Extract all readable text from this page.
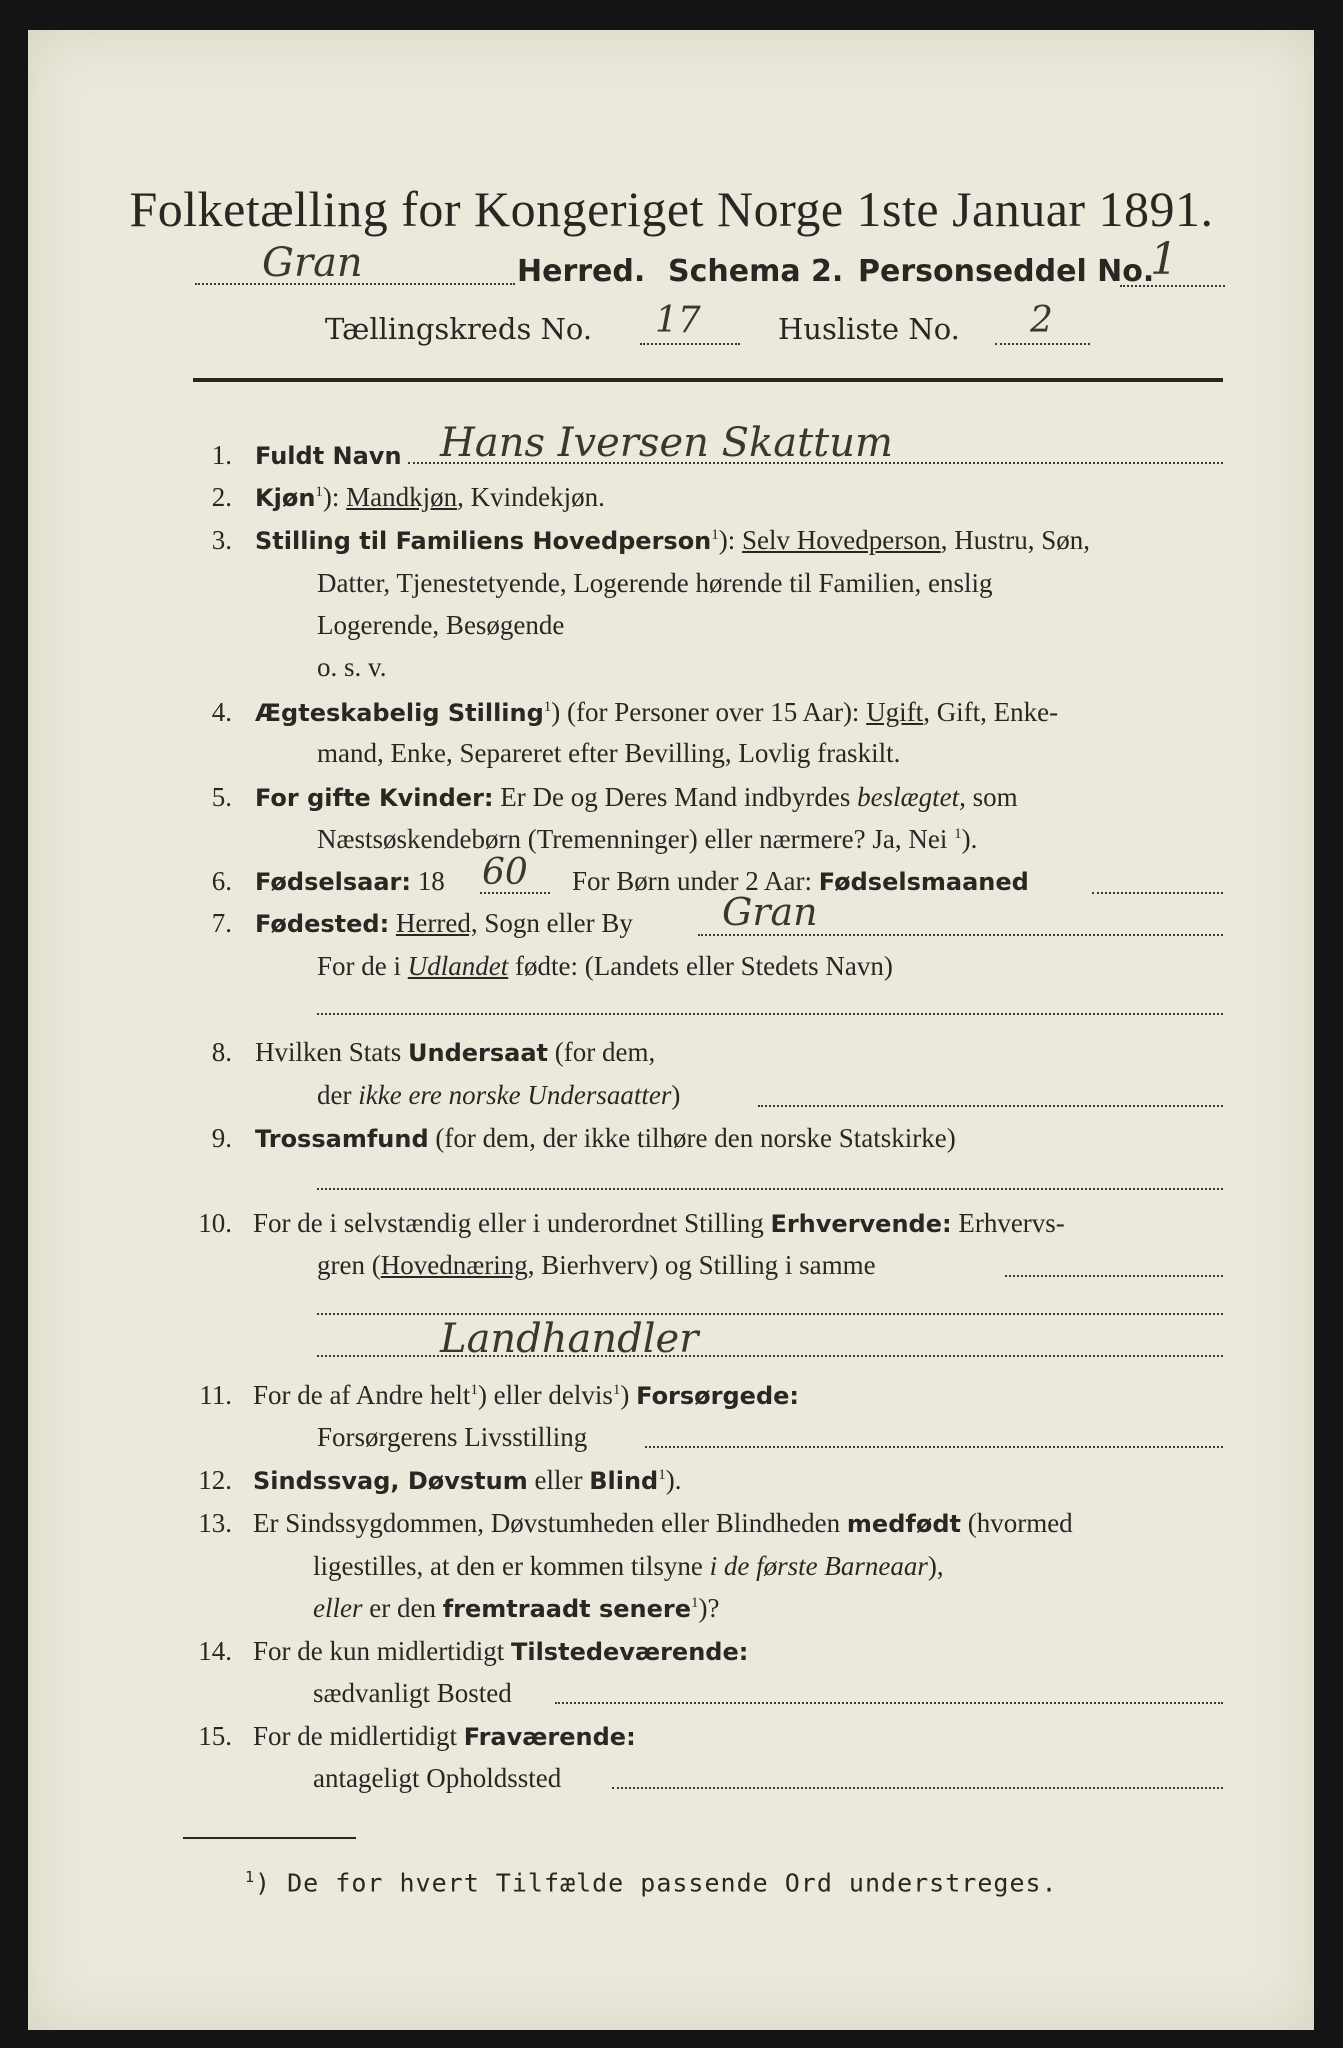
Folketælling for Kongeriget Norge 1ste Januar 1891.
Gran	Herred. Schema 2. Personseddel No.
1
Tællingskreds No. 17	Husliste No. 2
1. Fuldt Navn Hans Iversen Skattum
2. Kjøn$^1$): Mandkjøn, Kvindekjøn.
3. Stilling til Familiens Hovedperson$^1$): Selv Hovedperson, Hustru, Søn,
Datter, Tjenestetyende, Logerende hørende til Familien, enslig
Logerende, Besøgende
o. s. v.
4. Ægteskabelig Stilling$^1$) (for Personer over 15 Aar): Ugift, Gift, Enke-
mand, Enke, Separeret efter Bevilling, Lovlig fraskilt.
5. For gifte Kvinder: Er De og Deres Mand indbyrdes beslægtet, som
Næstsøskendebørn (Tremenninger) eller nærmere? Ja, Nei $^1$).
6. Fødselsaar: 18 60 For Børn under 2 Aar: Fødselsmaaned
7. Fødested: Herred, Sogn eller By Gran
For de i Udlandet fødte: (Landets eller Stedets Navn)
8. Hvilken Stats Undersaat (for dem,
der ikke ere norske Undersaatter)
9. Trossamfund (for dem, der ikke tilhøre den norske Statskirke)
10. For de i selvstændig eller i underordnet Stilling Erhvervende: Erhvervs-
gren (Hovednæring, Bierhverv) og Stilling i samme
Landhandler
11. For de af Andre helt$^1$) eller delvis$^1$) Forsørgede:
Forsørgerens Livsstilling
12. Sindssvag, Døvstum eller Blind$^1$).
13. Er Sindssygdommen, Døvstumheden eller Blindheden medfødt (hvormed
ligestilles, at den er kommen tilsyne i de første Barneaar),
eller er den fremtraadt senere$^1$)?
14. For de kun midlertidigt Tilstedeværende:
sædvanligt Bosted
15. For de midlertidigt Fraværende:
antageligt Opholdssted
$^1$) De for hvert Tilfælde passende Ord understreges.
